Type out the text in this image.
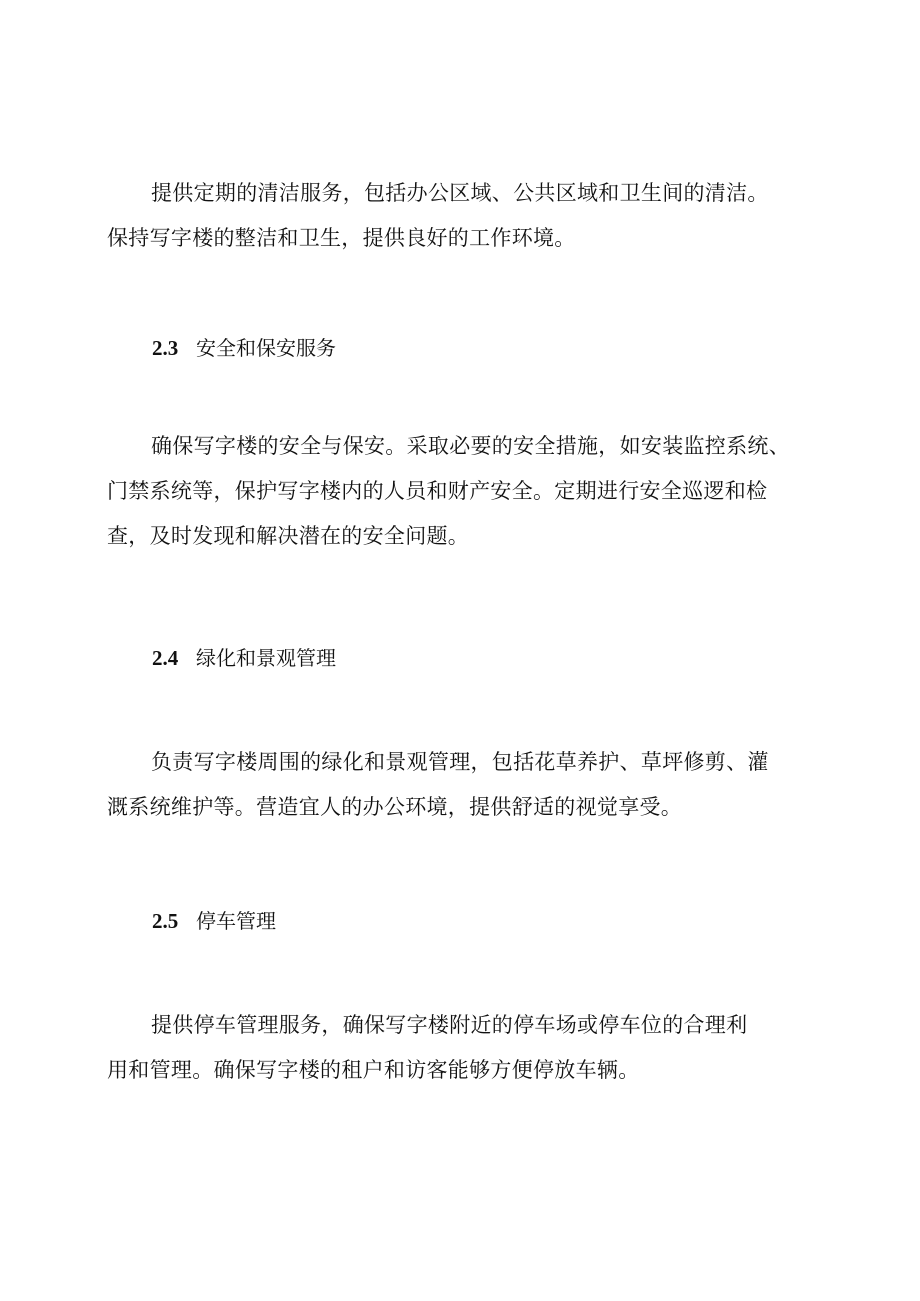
提供定期的清洁服务，包括办公区域、公共区域和卫生间的清洁。
保持写字楼的整洁和卫生，提供良好的工作环境。

2.3 安全和保安服务

确保写字楼的安全与保安。采取必要的安全措施，如安装监控系统、
门禁系统等，保护写字楼内的人员和财产安全。定期进行安全巡逻和检
查，及时发现和解决潜在的安全问题。

2.4 绿化和景观管理

负责写字楼周围的绿化和景观管理，包括花草养护、草坪修剪、灌
溉系统维护等。营造宜人的办公环境，提供舒适的视觉享受。

2.5 停车管理

提供停车管理服务，确保写字楼附近的停车场或停车位的合理利
用和管理。确保写字楼的租户和访客能够方便停放车辆。
